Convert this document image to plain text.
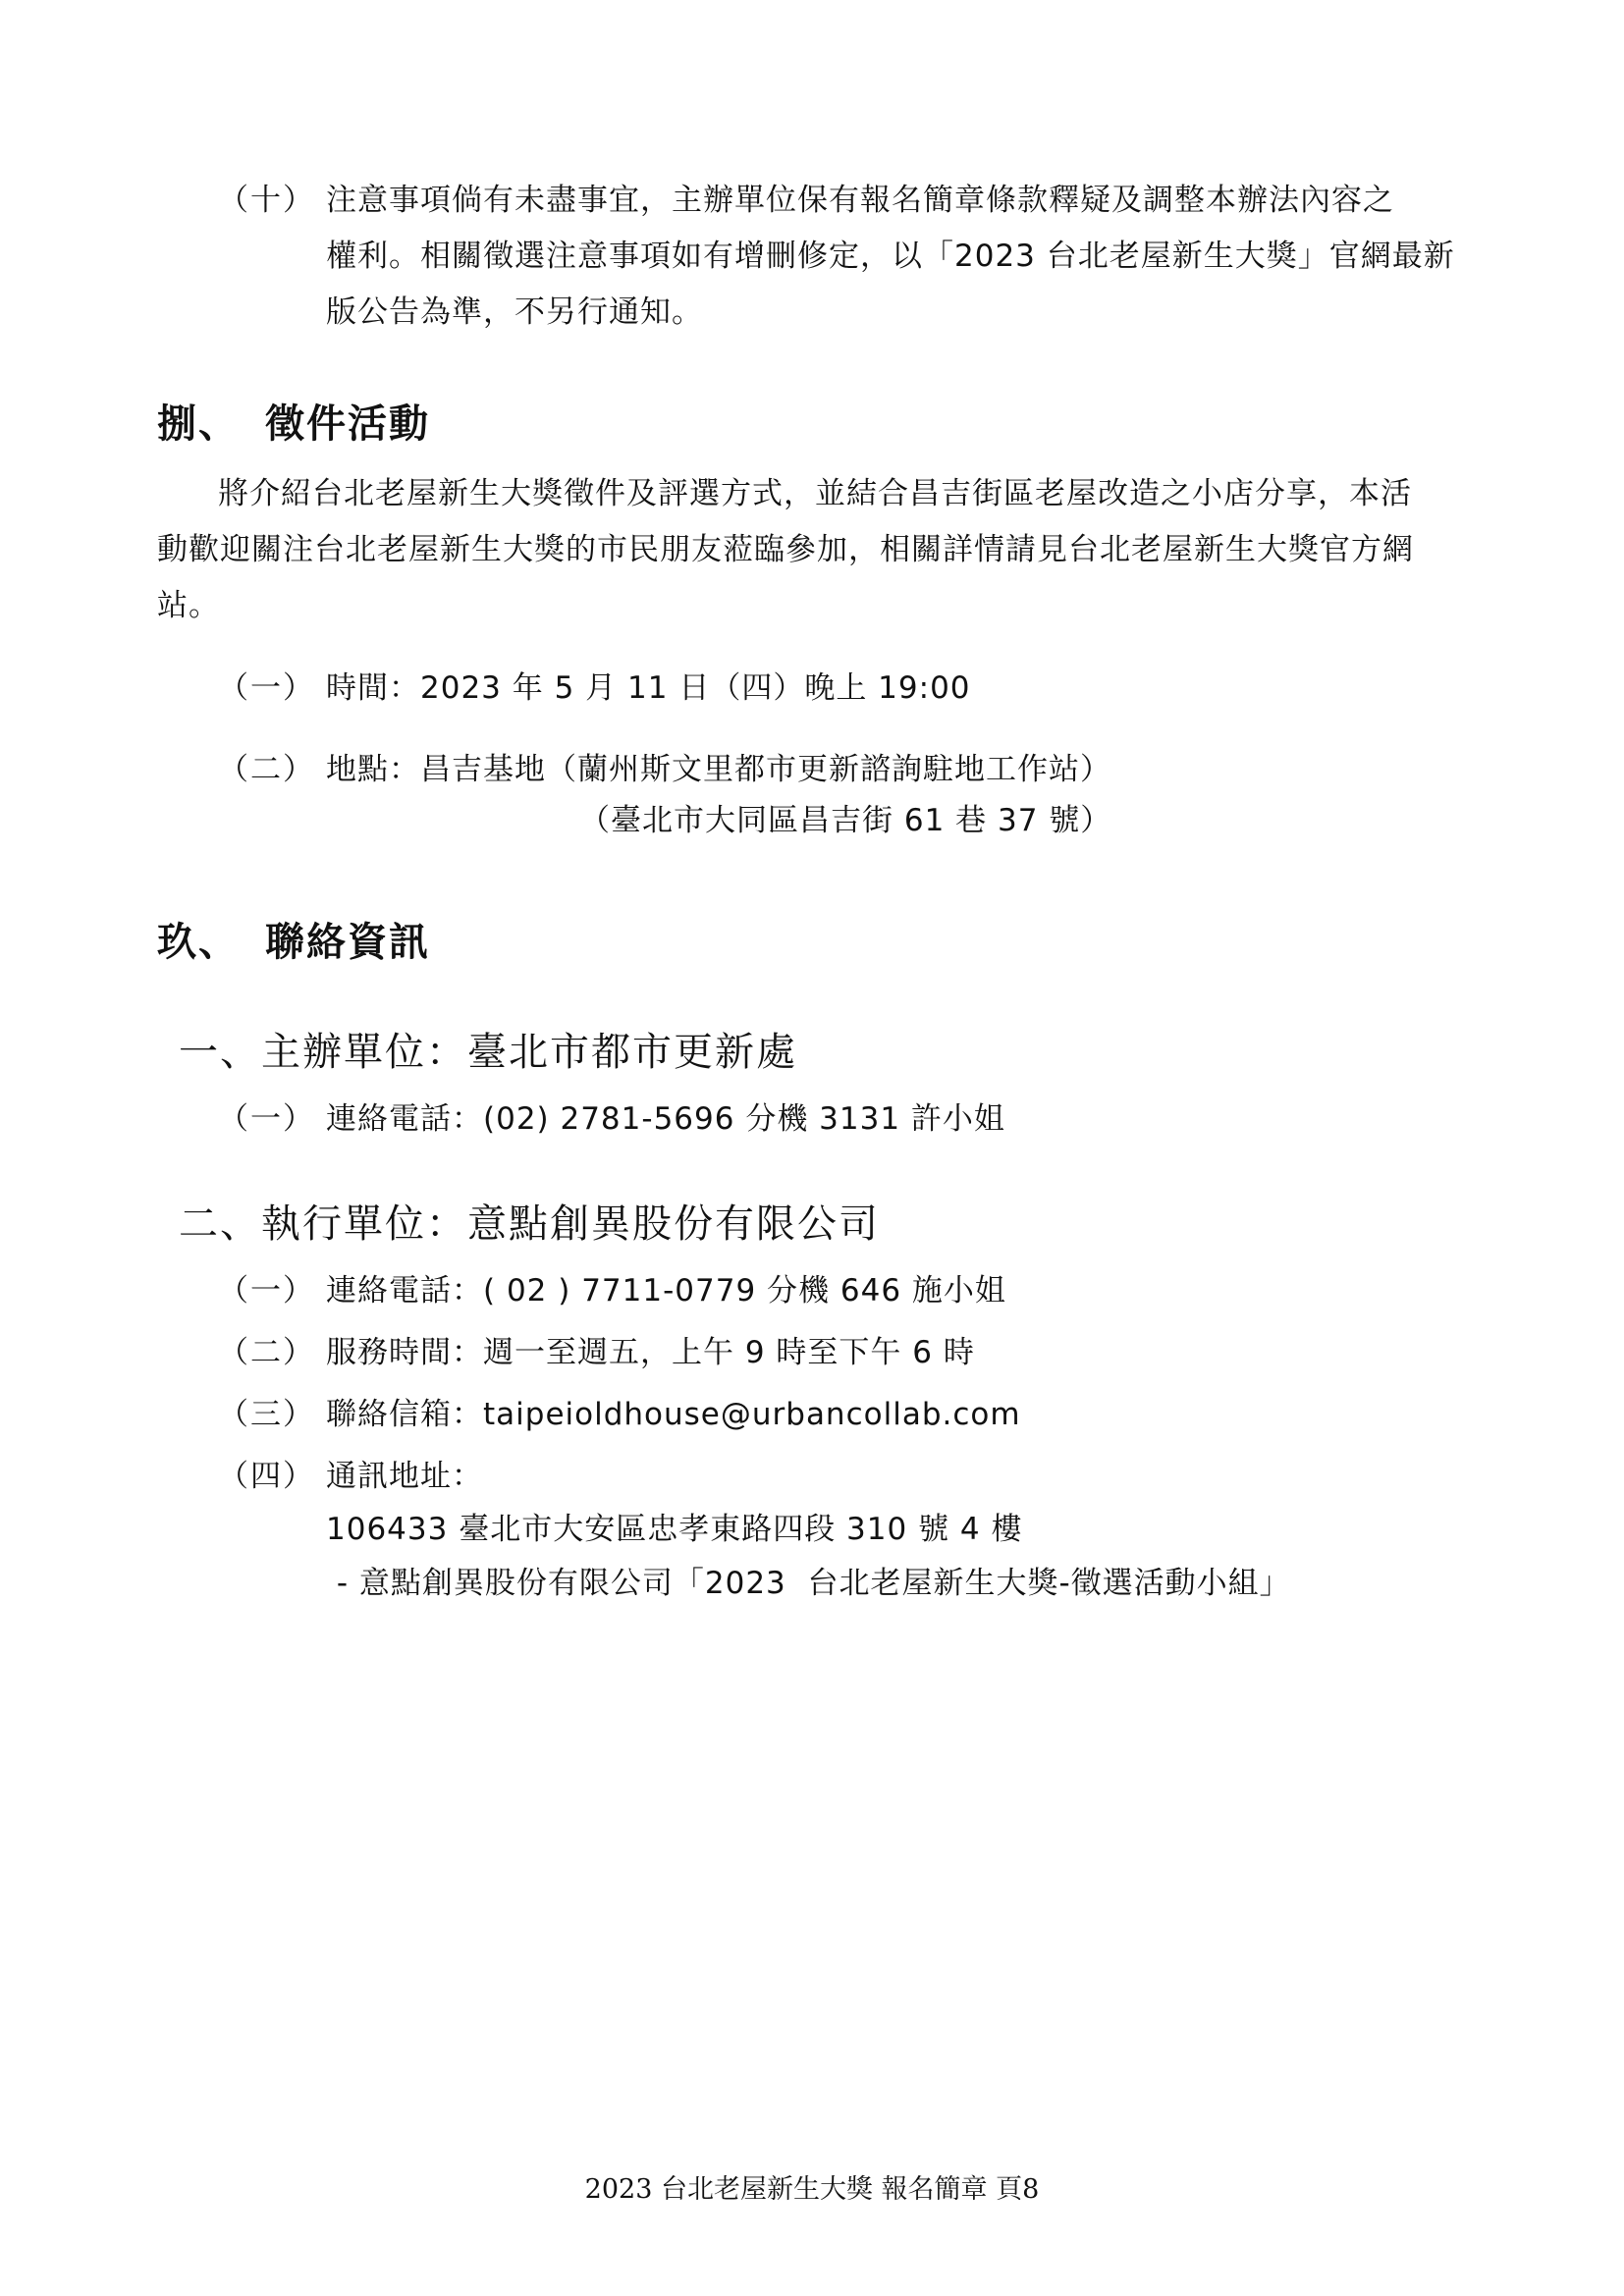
（十） 注意事項倘有未盡事宜，主辦單位保有報名簡章條款釋疑及調整本辦法內容之
權利。相關徵選注意事項如有增刪修定，以「2023 台北老屋新生大獎」官網最新
版公告為準，不另行通知。
捌、 徵件活動
將介紹台北老屋新生大獎徵件及評選方式，並結合昌吉街區老屋改造之小店分享，本活
動歡迎關注台北老屋新生大獎的市民朋友蒞臨參加，相關詳情請見台北老屋新生大獎官方網
站。
（一） 時間：2023 年 5 月 11 日（四）晚上 19:00
（二） 地點：昌吉基地（蘭州斯文里都市更新諮詢駐地工作站）
（臺北市大同區昌吉街 61 巷 37 號）
玖、 聯絡資訊
一、主辦單位：臺北市都市更新處
（一） 連絡電話：(02) 2781-5696 分機 3131 許小姐
二、執行單位：意點創異股份有限公司
（一） 連絡電話：( 02 ) 7711-0779 分機 646 施小姐
（二） 服務時間：週一至週五，上午 9 時至下午 6 時
（三） 聯絡信箱：taipeioldhouse@urbancollab.com
（四） 通訊地址：
106433 臺北市大安區忠孝東路四段 310 號 4 樓
- 意點創異股份有限公司「2023  台北老屋新生大獎-徵選活動小組」
2023 台北老屋新生大獎 報名簡章 頁8
